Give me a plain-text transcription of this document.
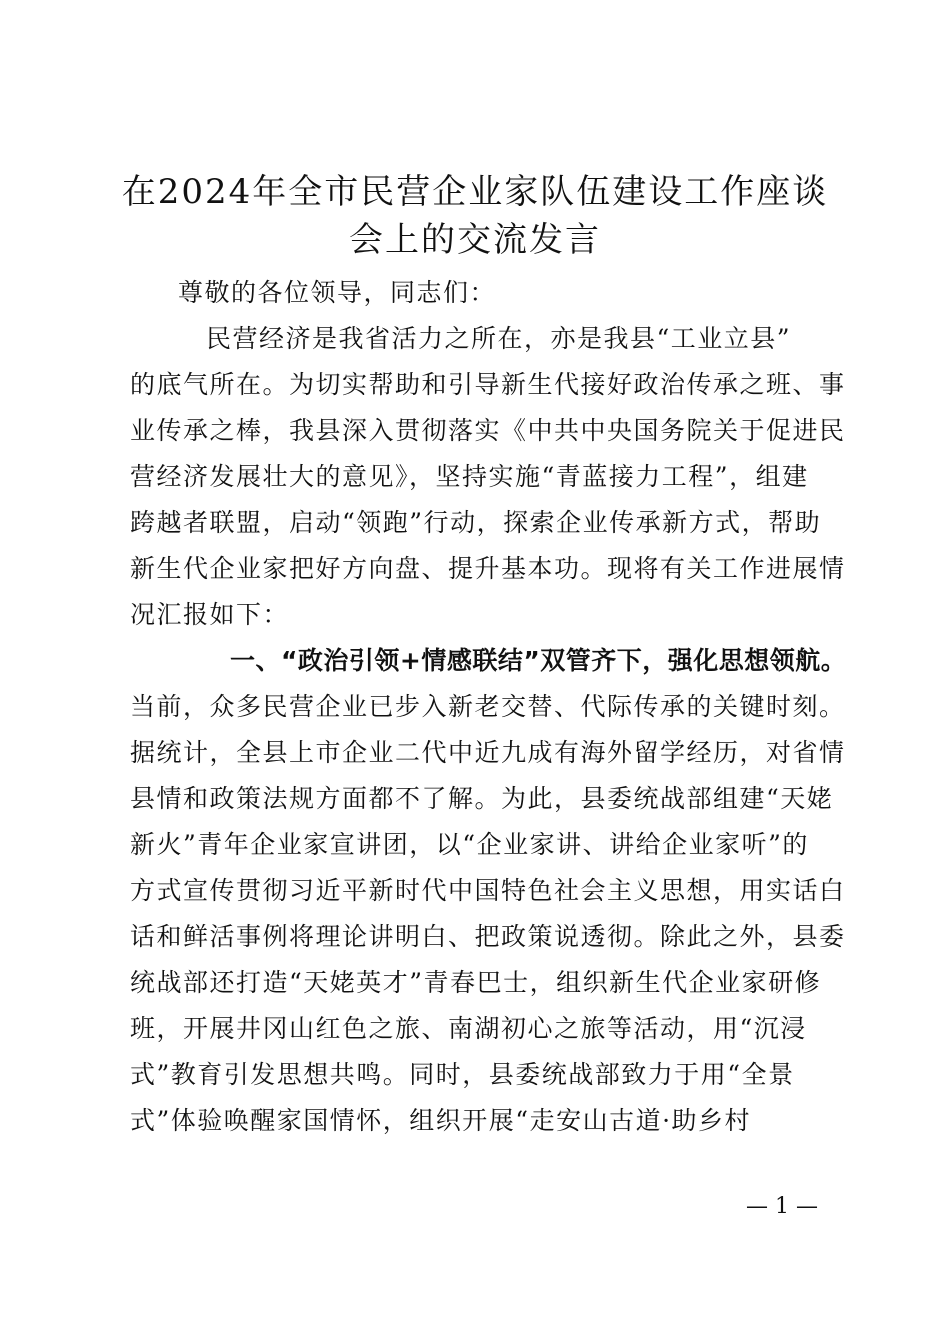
在2024年全市民营企业家队伍建设工作座谈
会上的交流发言

尊敬的各位领导，同志们：

民营经济是我省活力之所在，亦是我县“工业立县”

的底气所在。为切实帮助和引导新生代接好政治传承之班、事

业传承之棒，我县深入贯彻落实《中共中央国务院关于促进民

营经济发展壮大的意见》，坚持实施“青蓝接力工程”，组建

跨越者联盟，启动“领跑”行动，探索企业传承新方式，帮助

新生代企业家把好方向盘、提升基本功。现将有关工作进展情

况汇报如下：

一、“政治引领+情感联结”双管齐下，强化思想领航。

当前，众多民营企业已步入新老交替、代际传承的关键时刻。

据统计，全县上市企业二代中近九成有海外留学经历，对省情

县情和政策法规方面都不了解。为此，县委统战部组建“天姥

新火”青年企业家宣讲团，以“企业家讲、讲给企业家听”的

方式宣传贯彻习近平新时代中国特色社会主义思想，用实话白

话和鲜活事例将理论讲明白、把政策说透彻。除此之外，县委

统战部还打造“天姥英才”青春巴士，组织新生代企业家研修

班，开展井冈山红色之旅、南湖初心之旅等活动，用“沉浸

式”教育引发思想共鸣。同时，县委统战部致力于用“全景

式”体验唤醒家国情怀，组织开展“走安山古道·助乡村

— 1 —
